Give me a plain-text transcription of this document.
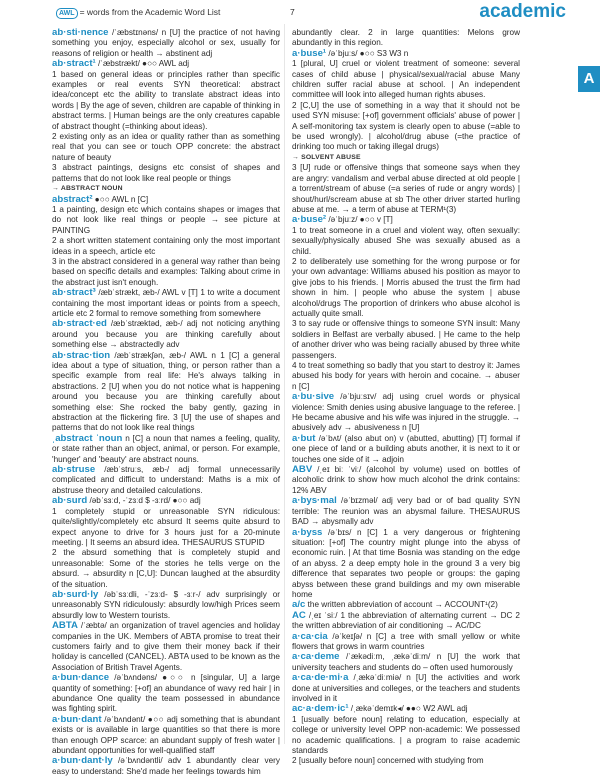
AWL = words from the Academic Word List	7	academic
A

ab·sti·nence /ˈæbstɪnəns/ n [U] the practice of not having something you enjoy, especially alcohol or sex, usually for reasons of religion or health → abstinent adj

ab·stract¹ /ˈæbstrækt/ ●○○ AWL adj

1 based on general ideas or principles rather than specific examples or real events SYN theoretical: abstract idea/concept etc the ability to translate abstract ideas into words | By the age of seven, children are capable of thinking in abstract terms. | Human beings are the only creatures capable of abstract thought (=thinking about ideas).

2 existing only as an idea or quality rather than as something real that you can see or touch OPP concrete: the abstract nature of beauty

3 abstract paintings, designs etc consist of shapes and patterns that do not look like real people or things

→ ABSTRACT NOUN

abstract² ●○○ AWL n [C]

1 a painting, design etc which contains shapes or images that do not look like real things or people → see picture at PAINTING

2 a short written statement containing only the most important ideas in a speech, article etc

3 in the abstract considered in a general way rather than being based on specific details and examples: Talking about crime in the abstract just isn't enough.

ab·stract³ /æbˈstrækt, æb-/ AWL v [T] 1 to write a document containing the most important ideas or points from a speech, article etc 2 formal to remove something from somewhere

ab·stract·ed /æbˈstræktəd, æb-/ adj not noticing anything around you because you are thinking carefully about something else → abstractedly adv

ab·strac·tion /æbˈstrækʃən, æb-/ AWL n 1 [C] a general idea about a type of situation, thing, or person rather than a specific example from real life: He's always talking in abstractions. 2 [U] when you do not notice what is happening around you because you are thinking carefully about something else: She rocked the baby gently, gazing in abstraction at the flickering fire. 3 [U] the use of shapes and patterns that do not look like real things

ˌabstract ˈnoun n [C] a noun that names a feeling, quality, or state rather than an object, animal, or person. For example, 'hunger' and 'beauty' are abstract nouns.

ab·struse /æbˈstruːs, æb-/ adj formal unnecessarily complicated and difficult to understand: Maths is a mix of abstruse theory and detailed calculations.

ab·surd /əbˈsɜːd, -ˈzɜːd $ -ɜːrd/ ●○○ adj

1 completely stupid or unreasonable SYN ridiculous: quite/slightly/completely etc absurd It seems quite absurd to expect anyone to drive for 3 hours just for a 20-minute meeting. | It seems an absurd idea. THESAURUS STUPID

2 the absurd something that is completely stupid and unreasonable: Some of the stories he tells verge on the absurd. → absurdity n [C,U]: Duncan laughed at the absurdity of the situation.

ab·surd·ly /əbˈsɜːdli, -ˈzɜːd- $ -ɜːr-/ adv surprisingly or unreasonably SYN ridiculously: absurdly low/high Prices seem absurdly low to Western tourists.

ABTA /ˈæbtə/ an organization of travel agencies and holiday companies in the UK. Members of ABTA promise to treat their customers fairly and to give them their money back if their holiday is cancelled (CANCEL). ABTA used to be known as the Association of British Travel Agents.

a·bun·dance /əˈbʌndəns/ ●○○ n [singular, U] a large quantity of something: [+of] an abundance of wavy red hair | in abundance One quality the team possessed in abundance was fighting spirit.

a·bun·dant /əˈbʌndənt/ ●○○ adj something that is abundant exists or is available in large quantities so that there is more than enough OPP scarce: an abundant supply of fresh water | abundant opportunities for well-qualified staff

a·bun·dant·ly /əˈbʌndəntli/ adv 1 abundantly clear very easy to understand: She'd made her feelings towards him

abundantly clear. 2 in large quantities: Melons grow abundantly in this region.

a·buse¹ /əˈbjuːs/ ●○○ S3 W3 n

1 [plural, U] cruel or violent treatment of someone: several cases of child abuse | physical/sexual/racial abuse Many children suffer racial abuse at school. | An independent committee will look into alleged human rights abuses.

2 [C,U] the use of something in a way that it should not be used SYN misuse: [+of] government officials' abuse of power | A self-monitoring tax system is clearly open to abuse (=able to be used wrongly). | alcohol/drug abuse (=the practice of drinking too much or taking illegal drugs)

→ SOLVENT ABUSE

3 [U] rude or offensive things that someone says when they are angry: vandalism and verbal abuse directed at old people | a torrent/stream of abuse (=a series of rude or angry words) | shout/hurl/scream abuse at sb The other driver started hurling abuse at me. → a term of abuse at TERM¹(3)

a·buse² /əˈbjuːz/ ●○○ v [T]

1 to treat someone in a cruel and violent way, often sexually: sexually/physically abused She was sexually abused as a child.

2 to deliberately use something for the wrong purpose or for your own advantage: Williams abused his position as mayor to give jobs to his friends. | Morris abused the trust the firm had shown in him. | people who abuse the system | abuse alcohol/drugs The proportion of drinkers who abuse alcohol is actually quite small.

3 to say rude or offensive things to someone SYN insult: Many soldiers in Belfast are verbally abused. | He came to the help of another driver who was being racially abused by three white passengers.

4 to treat something so badly that you start to destroy it: James abused his body for years with heroin and cocaine. → abuser n [C]

a·bu·sive /əˈbjuːsɪv/ adj using cruel words or physical violence: Smith denies using abusive language to the referee. | He became abusive and his wife was injured in the struggle. → abusively adv → abusiveness n [U]

a·but /əˈbʌt/ (also abut on) v (abutted, abutting) [T] formal if one piece of land or a building abuts another, it is next to it or touches one side of it → adjoin

ABV /ˌeɪ biː ˈviː/ (alcohol by volume) used on bottles of alcoholic drink to show how much alcohol the drink contains: 12% ABV

a·bys·mal /əˈbɪzməl/ adj very bad or of bad quality SYN terrible: The reunion was an abysmal failure. THESAURUS BAD → abysmally adv

a·byss /əˈbɪs/ n [C] 1 a very dangerous or frightening situation: [+of] The country might plunge into the abyss of economic ruin. | At that time Bosnia was standing on the edge of an abyss. 2 a deep empty hole in the ground 3 a very big difference that separates two people or groups: the gaping abyss between these grand buildings and my own miserable home

a/c the written abbreviation of account → ACCOUNT¹(2)

AC /ˌeɪ ˈsiː/ 1 the abbreviation of alternating current → DC 2 the written abbreviation of air conditioning → AC/DC

a·ca·cia /əˈkeɪʃə/ n [C] a tree with small yellow or white flowers that grows in warm countries

a·ca·deme /ˈækədiːm, ˌækəˈdiːm/ n [U] the work that university teachers and students do – often used humorously

a·ca·de·mi·a /ˌækəˈdiːmiə/ n [U] the activities and work done at universities and colleges, or the teachers and students involved in it

ac·a·dem·ic¹ /ˌækəˈdemɪk◂/ ●●○ W2 AWL adj

1 [usually before noun] relating to education, especially at college or university level OPP non-academic: We possessed no academic qualifications. | a program to raise academic standards

2 [usually before noun] concerned with studying from
